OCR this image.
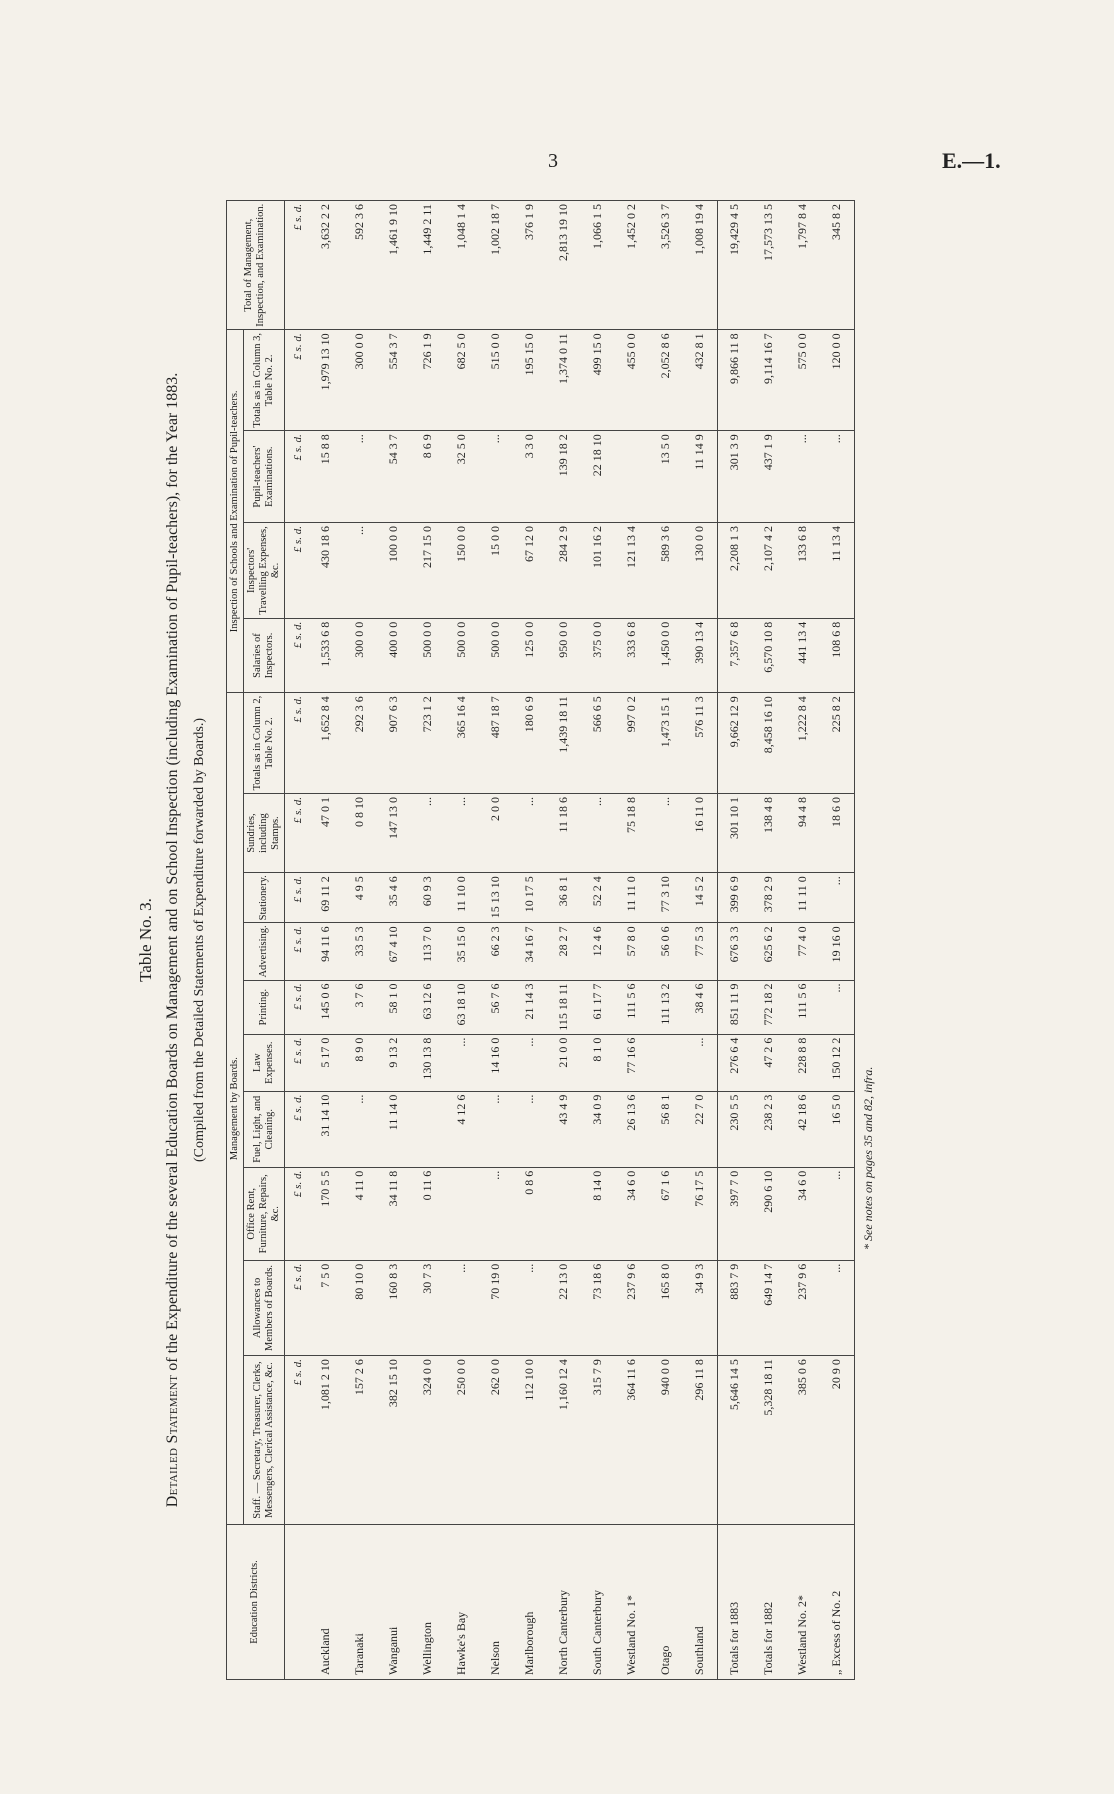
3	E.—1.
Table No. 3.
Detailed Statement of the Expenditure of the several Education Boards on Management and on School Inspection (including Examination of Pupil-teachers), for the Year 1883. (Compiled from the Detailed Statements of Expenditure forwarded by Boards.)
Education Districts.	Management by Boards.										Inspection of Schools and Examination of Pupil-teachers.				Total of Management, Inspection, and Examination.
	Staff. — Secretary, Treasurer, Clerks, Messengers, Clerical Assistance, &c.	Allowances to Members of Boards.	Office Rent, Furniture, Repairs, &c.	Fuel, Light, and Cleaning.	Law Expenses.	Printing.	Advertising.	Stationery.	Sundries, including Stamps.	Totals as in Column 2, Table No. 2.	Salaries of Inspectors.	Inspectors' Travelling Expenses, &c.	Pupil-teachers' Examinations.	Totals as in Column 3, Table No. 2.	
	£ s. d.	£ s. d.	£ s. d.	£ s. d.	£ s. d.	£ s. d.	£ s. d.	£ s. d.	£ s. d.	£ s. d.	£ s. d.	£ s. d.	£ s. d.	£ s. d.	£ s. d.
Auckland	1,081 2 10	7 5 0	170 5 5	31 14 10	5 17 0	145 0 6	94 11 6	69 11 2	47 0 1	1,652 8 4	1,533 6 8	430 18 6	15 8 8	1,979 13 10	3,632 2 2
Taranaki	157 2 6	80 10 0	4 11 0	...	8 9 0	3 7 6	33 5 3	4 9 5	0 8 10	292 3 6	300 0 0	...	...	300 0 0	592 3 6
Wanganui	382 15 10	160 8 3	34 11 8	11 14 0	9 13 2	58 1 0	67 4 10	35 4 6	147 13 0	907 6 3	400 0 0	100 0 0	54 3 7	554 3 7	1,461 9 10
Wellington	324 0 0	30 7 3	0 11 6		130 13 8	63 12 6	113 7 0	60 9 3	...	723 1 2	500 0 0	217 15 0	8 6 9	726 1 9	1,449 2 11
Hawke's Bay	250 0 0	...		4 12 6	...	63 18 10	35 15 0	11 10 0	...	365 16 4	500 0 0	150 0 0	32 5 0	682 5 0	1,048 1 4
Nelson	262 0 0	70 19 0	...	...	14 16 0	56 7 6	66 2 3	15 13 10	2 0 0	487 18 7	500 0 0	15 0 0	...	515 0 0	1,002 18 7
Marlborough	112 10 0	...	0 8 6	...	...	21 14 3	34 16 7	10 17 5	...	180 6 9	125 0 0	67 12 0	3 3 0	195 15 0	376 1 9
North Canterbury	1,160 12 4	22 13 0		43 4 9	21 0 0	115 18 11	28 2 7	36 8 1	11 18 6	1,439 18 11	950 0 0	284 2 9	139 18 2	1,374 0 11	2,813 19 10
South Canterbury	315 7 9	73 18 6	8 14 0	34 0 9	8 1 0	61 17 7	12 4 6	52 2 4	...	566 6 5	375 0 0	101 16 2	22 18 10	499 15 0	1,066 1 5
Westland No. 1*	364 11 6	237 9 6	34 6 0	26 13 6	77 16 6	111 5 6	57 8 0	11 11 0	75 18 8	997 0 2	333 6 8	121 13 4		455 0 0	1,452 0 2
Otago	940 0 0	165 8 0	67 1 6	56 8 1		111 13 2	56 0 6	77 3 10	...	1,473 15 1	1,450 0 0	589 3 6	13 5 0	2,052 8 6	3,526 3 7
Southland	296 11 8	34 9 3	76 17 5	22 7 0	...	38 4 6	77 5 3	14 5 2	16 11 0	576 11 3	390 13 4	130 0 0	11 14 9	432 8 1	1,008 19 4
Totals for 1883	5,646 14 5	883 7 9	397 7 0	230 5 5	276 6 4	851 11 9	676 3 3	399 6 9	301 10 1	9,662 12 9	7,357 6 8	2,208 1 3	301 3 9	9,866 11 8	19,429 4 5
Totals for 1882	5,328 18 11	649 14 7	290 6 10	238 2 3	47 2 6	772 18 2	625 6 2	378 2 9	138 4 8	8,458 16 10	6,570 10 8	2,107 4 2	437 1 9	9,114 16 7	17,573 13 5
Westland No. 2*	385 0 6	237 9 6	34 6 0	42 18 6	228 8 8	111 5 6	77 4 0	11 11 0	94 4 8	1,222 8 4	441 13 4	133 6 8	...	575 0 0	1,797 8 4
„ Excess of No. 2	20 9 0	...	...	16 5 0	150 12 2	...	19 16 0	...	18 6 0	225 8 2	108 6 8	11 13 4	...	120 0 0	345 8 2
* See notes on pages 35 and 82, infra.
